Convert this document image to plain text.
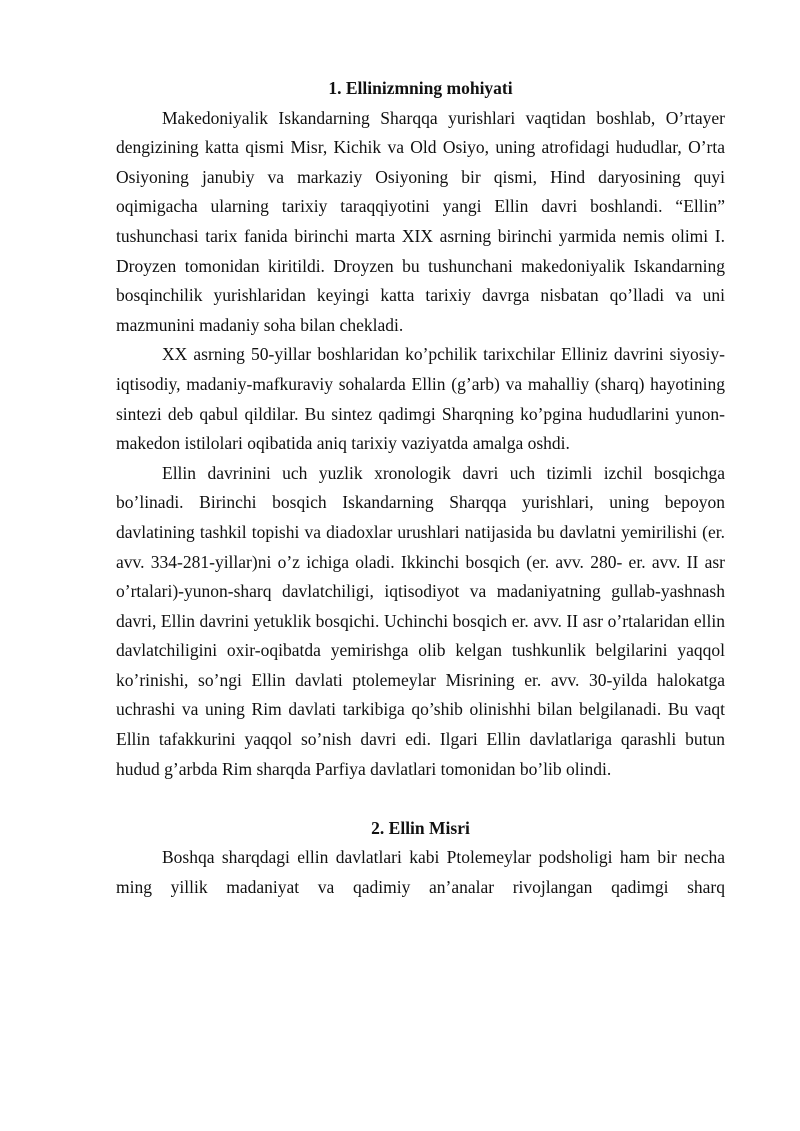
1. Ellinizmning mohiyati

Makedoniyalik Iskandarning Sharqqa yurishlari vaqtidan boshlab, O’rtayer dengizining katta qismi Misr, Kichik va Old Osiyo, uning atrofidagi hududlar, O’rta Osiyoning janubiy va markaziy Osiyoning bir qismi, Hind daryosining quyi oqimigacha ularning tarixiy taraqqiyotini yangi Ellin davri boshlandi. “Ellin” tushunchasi tarix fanida birinchi marta XIX asrning birinchi yarmida nemis olimi I. Droyzen tomonidan kiritildi. Droyzen bu tushunchani makedoniyalik Iskandarning bosqinchilik yurishlaridan keyingi katta tarixiy davrga nisbatan qo’lladi va uni mazmunini madaniy soha bilan chekladi.

XX asrning 50-yillar boshlaridan ko’pchilik tarixchilar Elliniz davrini siyosiy-iqtisodiy, madaniy-mafkuraviy sohalarda Ellin (g’arb) va mahalliy (sharq) hayotining sintezi deb qabul qildilar. Bu sintez qadimgi Sharqning ko’pgina hududlarini yunon-makedon istilolari oqibatida aniq tarixiy vaziyatda amalga oshdi.

Ellin davrinini uch yuzlik xronologik davri uch tizimli izchil bosqichga bo’linadi. Birinchi bosqich Iskandarning Sharqqa yurishlari, uning bepoyon davlatining tashkil topishi va diadoxlar urushlari natijasida bu davlatni yemirilishi (er. avv. 334-281-yillar)ni o’z ichiga oladi. Ikkinchi bosqich (er. avv. 280- er. avv. II asr o’rtalari)-yunon-sharq davlatchiligi, iqtisodiyot va madaniyatning gullab-yashnash davri, Ellin davrini yetuklik bosqichi. Uchinchi bosqich er. avv. II asr o’rtalaridan ellin davlatchiligini oxir-oqibatda yemirishga olib kelgan tushkunlik belgilarini yaqqol ko’rinishi, so’ngi Ellin davlati ptolemeylar Misrining er. avv. 30-yilda halokatga uchrashi va uning Rim davlati tarkibiga qo’shib olinishhi bilan belgilanadi. Bu vaqt Ellin tafakkurini yaqqol so’nish davri edi. Ilgari Ellin davlatlariga qarashli butun hudud g’arbda Rim sharqda Parfiya davlatlari tomonidan bo’lib olindi.

2. Ellin Misri

Boshqa sharqdagi ellin davlatlari kabi Ptolemeylar podsholigi ham bir necha ming yillik madaniyat va qadimiy an’analar rivojlangan qadimgi sharq
